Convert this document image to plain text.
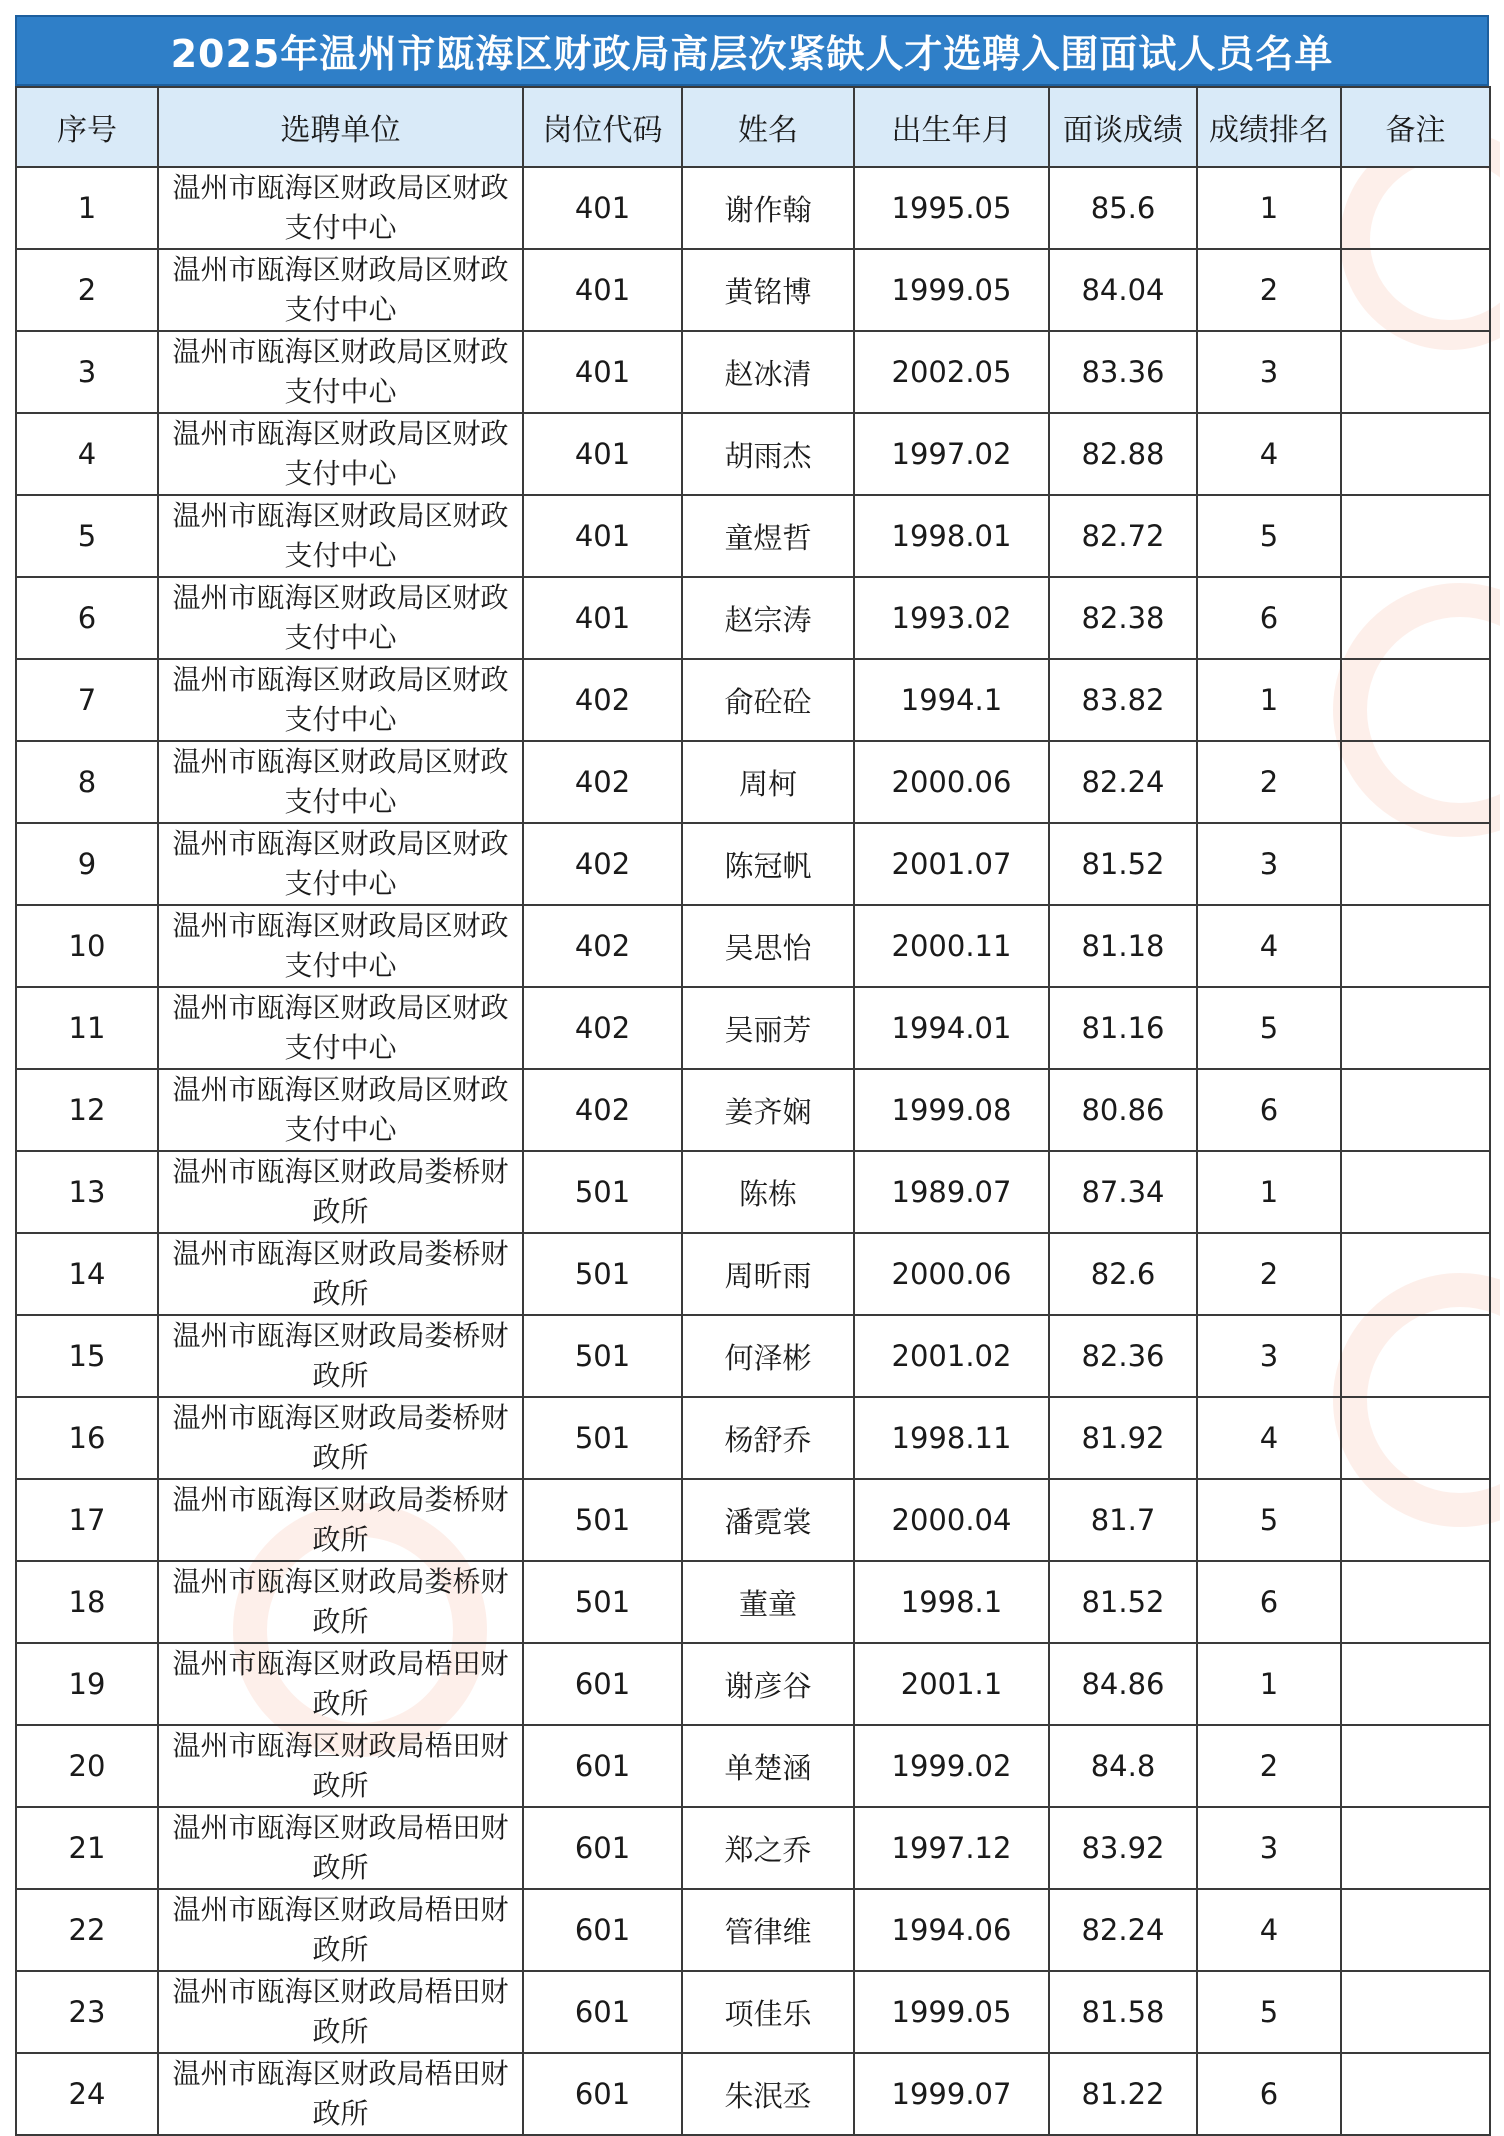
2025年温州市瓯海区财政局高层次紧缺人才选聘入围面试人员名单
序号	选聘单位	岗位代码	姓名	出生年月	面谈成绩	成绩排名	备注
1	温州市瓯海区财政局区财政支付中心	401	谢作翰	1995.05	85.6	1	
2	温州市瓯海区财政局区财政支付中心	401	黄铭博	1999.05	84.04	2	
3	温州市瓯海区财政局区财政支付中心	401	赵冰清	2002.05	83.36	3	
4	温州市瓯海区财政局区财政支付中心	401	胡雨杰	1997.02	82.88	4	
5	温州市瓯海区财政局区财政支付中心	401	童煜哲	1998.01	82.72	5	
6	温州市瓯海区财政局区财政支付中心	401	赵宗涛	1993.02	82.38	6	
7	温州市瓯海区财政局区财政支付中心	402	俞砼砼	1994.1	83.82	1	
8	温州市瓯海区财政局区财政支付中心	402	周柯	2000.06	82.24	2	
9	温州市瓯海区财政局区财政支付中心	402	陈冠帆	2001.07	81.52	3	
10	温州市瓯海区财政局区财政支付中心	402	吴思怡	2000.11	81.18	4	
11	温州市瓯海区财政局区财政支付中心	402	吴丽芳	1994.01	81.16	5	
12	温州市瓯海区财政局区财政支付中心	402	姜齐娴	1999.08	80.86	6	
13	温州市瓯海区财政局娄桥财政所	501	陈栋	1989.07	87.34	1	
14	温州市瓯海区财政局娄桥财政所	501	周昕雨	2000.06	82.6	2	
15	温州市瓯海区财政局娄桥财政所	501	何泽彬	2001.02	82.36	3	
16	温州市瓯海区财政局娄桥财政所	501	杨舒乔	1998.11	81.92	4	
17	温州市瓯海区财政局娄桥财政所	501	潘霓裳	2000.04	81.7	5	
18	温州市瓯海区财政局娄桥财政所	501	董童	1998.1	81.52	6	
19	温州市瓯海区财政局梧田财政所	601	谢彦谷	2001.1	84.86	1	
20	温州市瓯海区财政局梧田财政所	601	单楚涵	1999.02	84.8	2	
21	温州市瓯海区财政局梧田财政所	601	郑之乔	1997.12	83.92	3	
22	温州市瓯海区财政局梧田财政所	601	管律维	1994.06	82.24	4	
23	温州市瓯海区财政局梧田财政所	601	项佳乐	1999.05	81.58	5	
24	温州市瓯海区财政局梧田财政所	601	朱泯丞	1999.07	81.22	6	
